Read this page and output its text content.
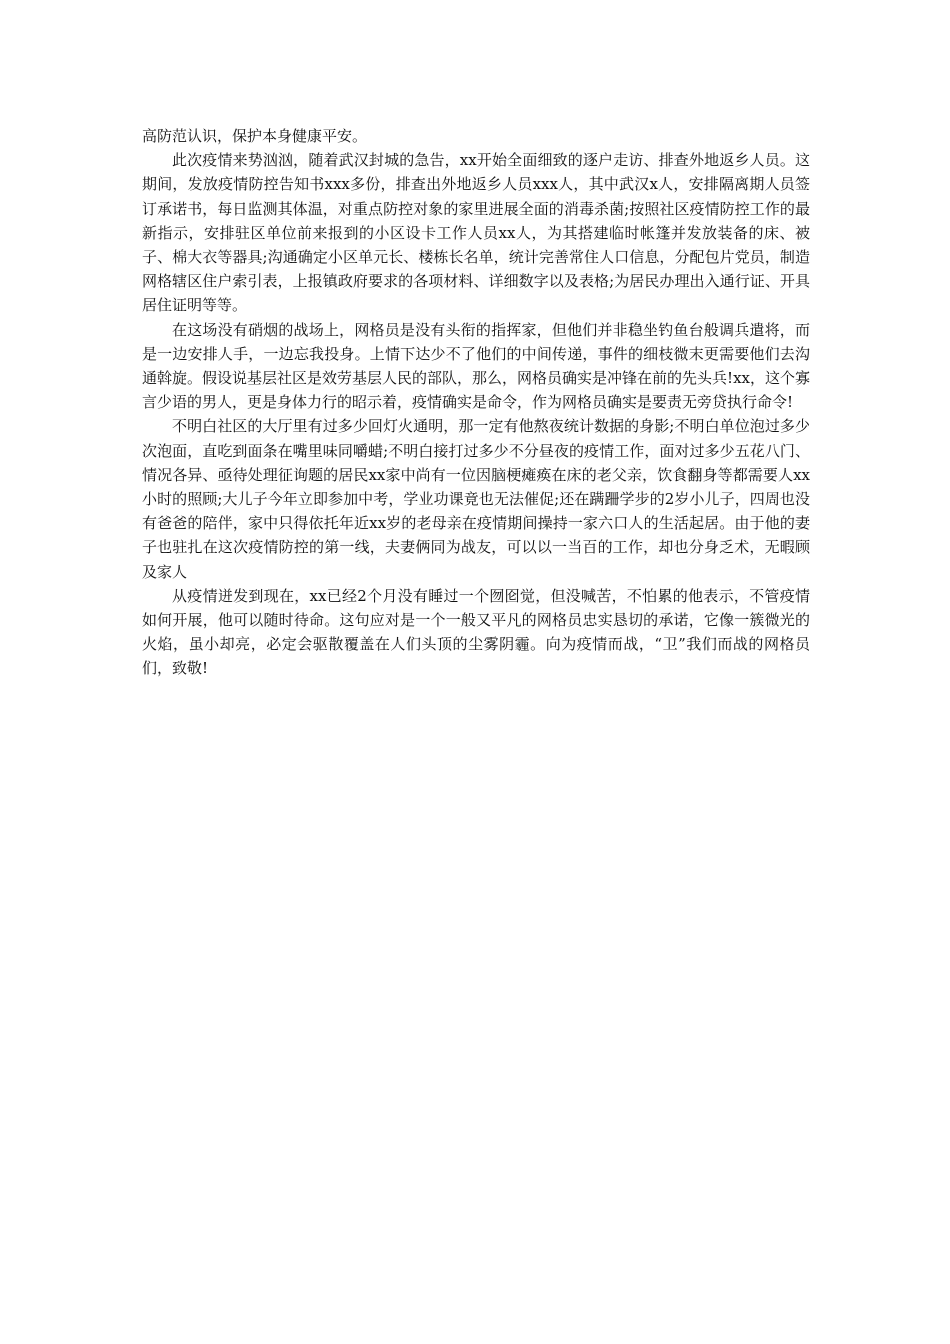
高防范认识，保护本身健康平安。

此次疫情来势汹汹，随着武汉封城的急告，xx开始全面细致的逐户走访、排查外地返乡人员。这期间，发放疫情防控告知书xxx多份，排查出外地返乡人员xxx人，其中武汉x人，安排隔离期人员签订承诺书，每日监测其体温，对重点防控对象的家里进展全面的消毒杀菌;按照社区疫情防控工作的最新指示，安排驻区单位前来报到的小区设卡工作人员xx人，为其搭建临时帐篷并发放装备的床、被子、棉大衣等器具;沟通确定小区单元长、楼栋长名单，统计完善常住人口信息，分配包片党员，制造网格辖区住户索引表，上报镇政府要求的各项材料、详细数字以及表格;为居民办理出入通行证、开具居住证明等等。

在这场没有硝烟的战场上，网格员是没有头衔的指挥家，但他们并非稳坐钓鱼台般调兵遣将，而是一边安排人手，一边忘我投身。上情下达少不了他们的中间传递，事件的细枝微末更需要他们去沟通斡旋。假设说基层社区是效劳基层人民的部队，那么，网格员确实是冲锋在前的先头兵!xx，这个寡言少语的男人，更是身体力行的昭示着，疫情确实是命令，作为网格员确实是要责无旁贷执行命令!

不明白社区的大厅里有过多少回灯火通明，那一定有他熬夜统计数据的身影;不明白单位泡过多少次泡面，直吃到面条在嘴里味同嚼蜡;不明白接打过多少不分昼夜的疫情工作，面对过多少五花八门、情况各异、亟待处理征询题的居民xx家中尚有一位因脑梗瘫痪在床的老父亲，饮食翻身等都需要人xx小时的照顾;大儿子今年立即参加中考，学业功课竟也无法催促;还在蹒跚学步的2岁小儿子，四周也没有爸爸的陪伴，家中只得依托年近xx岁的老母亲在疫情期间操持一家六口人的生活起居。由于他的妻子也驻扎在这次疫情防控的第一线，夫妻俩同为战友，可以以一当百的工作，却也分身乏术，无暇顾及家人

从疫情迸发到现在，xx已经2个月没有睡过一个囫囵觉，但没喊苦，不怕累的他表示，不管疫情如何开展，他可以随时待命。这句应对是一个一般又平凡的网格员忠实恳切的承诺，它像一簇微光的火焰，虽小却亮，必定会驱散覆盖在人们头顶的尘雾阴霾。向为疫情而战，“卫”我们而战的网格员们，致敬!
